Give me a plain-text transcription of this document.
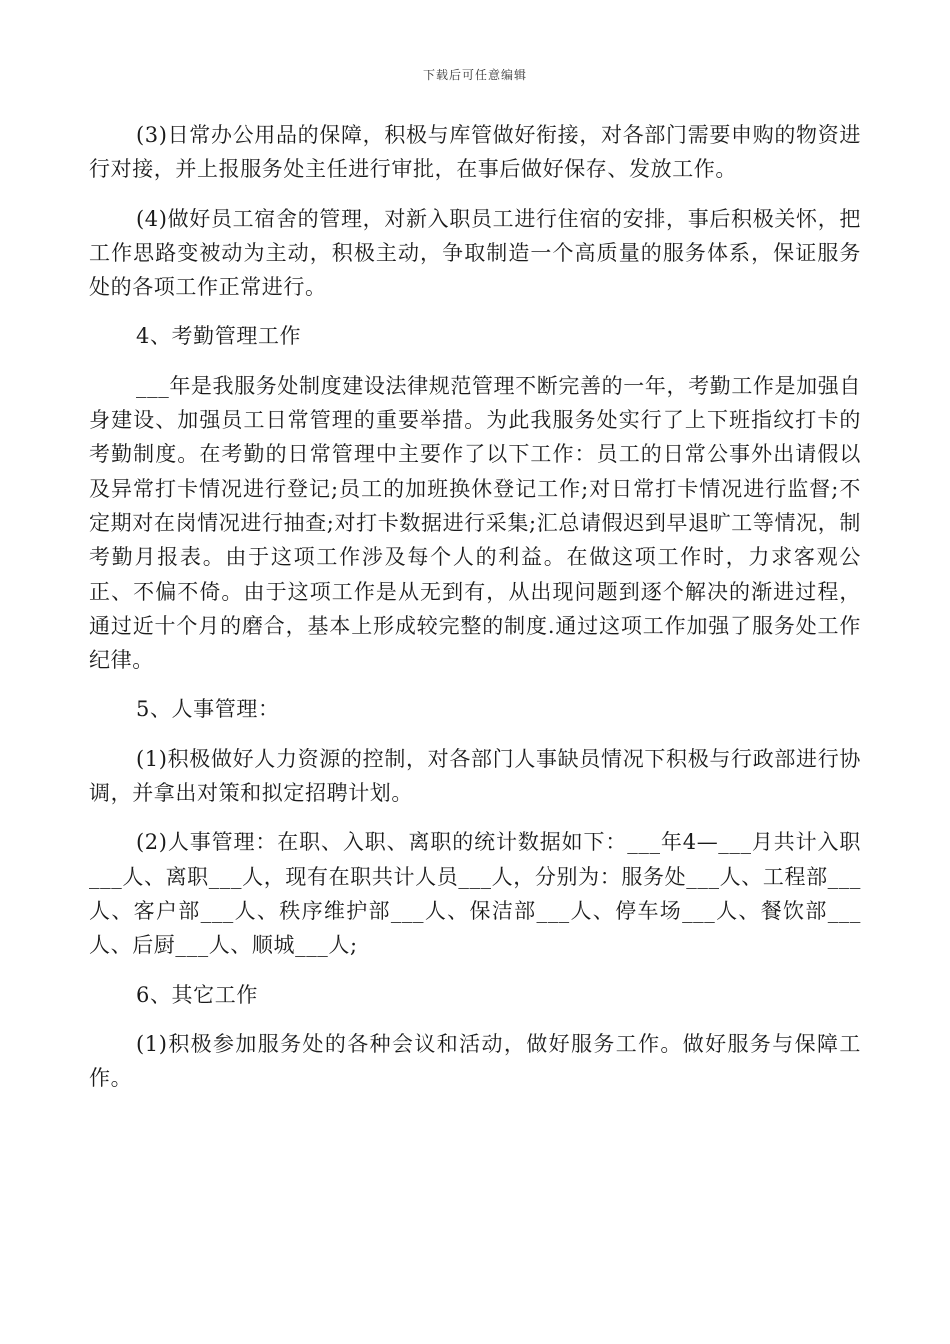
下载后可任意编辑

(3)日常办公用品的保障，积极与库管做好衔接，对各部门需要申购的物资进行对接，并上报服务处主任进行审批，在事后做好保存、发放工作。

(4)做好员工宿舍的管理，对新入职员工进行住宿的安排，事后积极关怀，把工作思路变被动为主动，积极主动，争取制造一个高质量的服务体系，保证服务处的各项工作正常进行。

4、考勤管理工作

___年是我服务处制度建设法律规范管理不断完善的一年，考勤工作是加强自身建设、加强员工日常管理的重要举措。为此我服务处实行了上下班指纹打卡的考勤制度。在考勤的日常管理中主要作了以下工作：员工的日常公事外出请假以及异常打卡情况进行登记;员工的加班换休登记工作;对日常打卡情况进行监督;不定期对在岗情况进行抽查;对打卡数据进行采集;汇总请假迟到早退旷工等情况，制考勤月报表。由于这项工作涉及每个人的利益。在做这项工作时，力求客观公正、不偏不倚。由于这项工作是从无到有，从出现问题到逐个解决的渐进过程，通过近十个月的磨合，基本上形成较完整的制度.通过这项工作加强了服务处工作纪律。

5、人事管理：

(1)积极做好人力资源的控制，对各部门人事缺员情况下积极与行政部进行协调，并拿出对策和拟定招聘计划。

(2)人事管理：在职、入职、离职的统计数据如下：___年4—___月共计入职___人、离职___人，现有在职共计人员___人，分别为：服务处___人、工程部___人、客户部___人、秩序维护部___人、保洁部___人、停车场___人、餐饮部___人、后厨___人、顺城___人;

6、其它工作

(1)积极参加服务处的各种会议和活动，做好服务工作。做好服务与保障工作。
